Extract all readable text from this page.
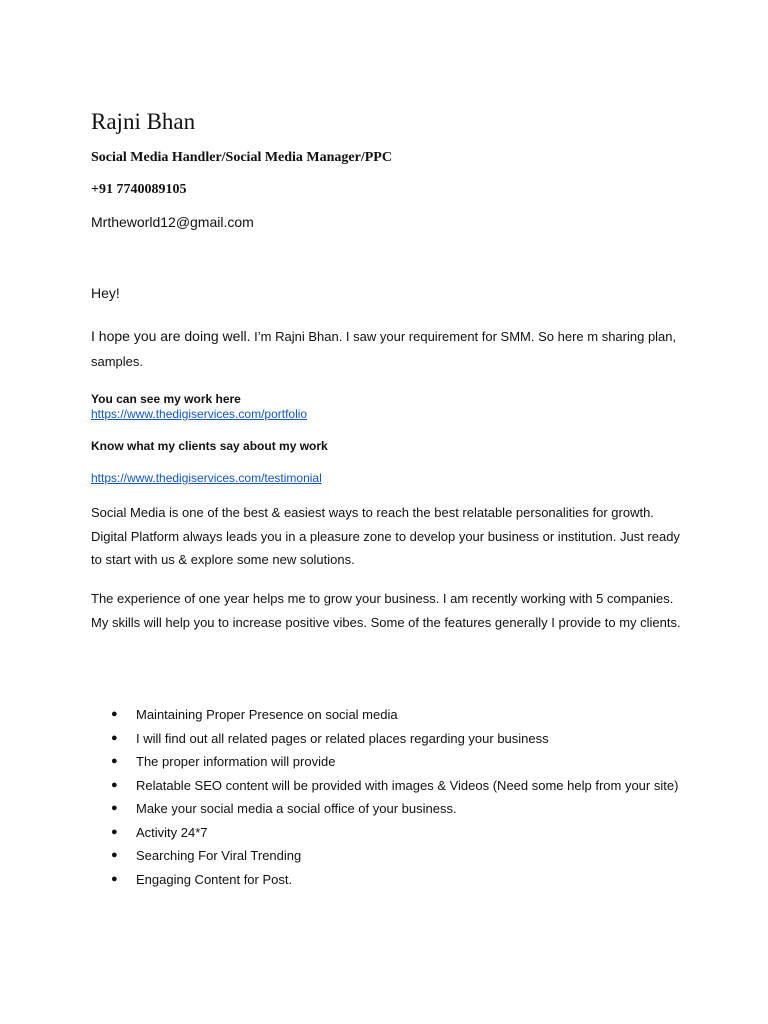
Rajni Bhan
Social Media Handler/Social Media Manager/PPC
+91 7740089105
Mrtheworld12@gmail.com
Hey!
I hope you are doing well. I’m Rajni Bhan. I saw your requirement for SMM. So here m sharing plan, samples.
You can see my work here
https://www.thedigiservices.com/portfolio
Know what my clients say about my work
https://www.thedigiservices.com/testimonial
Social Media is one of the best & easiest ways to reach the best relatable personalities for growth. Digital Platform always leads you in a pleasure zone to develop your business or institution. Just ready to start with us & explore some new solutions.
The experience of one year helps me to grow your business. I am recently working with 5 companies. My skills will help you to increase positive vibes. Some of the features generally I provide to my clients.
● Maintaining Proper Presence on social media
● I will find out all related pages or related places regarding your business
● The proper information will provide
● Relatable SEO content will be provided with images & Videos (Need some help from your site)
● Make your social media a social office of your business.
● Activity 24*7
● Searching For Viral Trending
● Engaging Content for Post.
